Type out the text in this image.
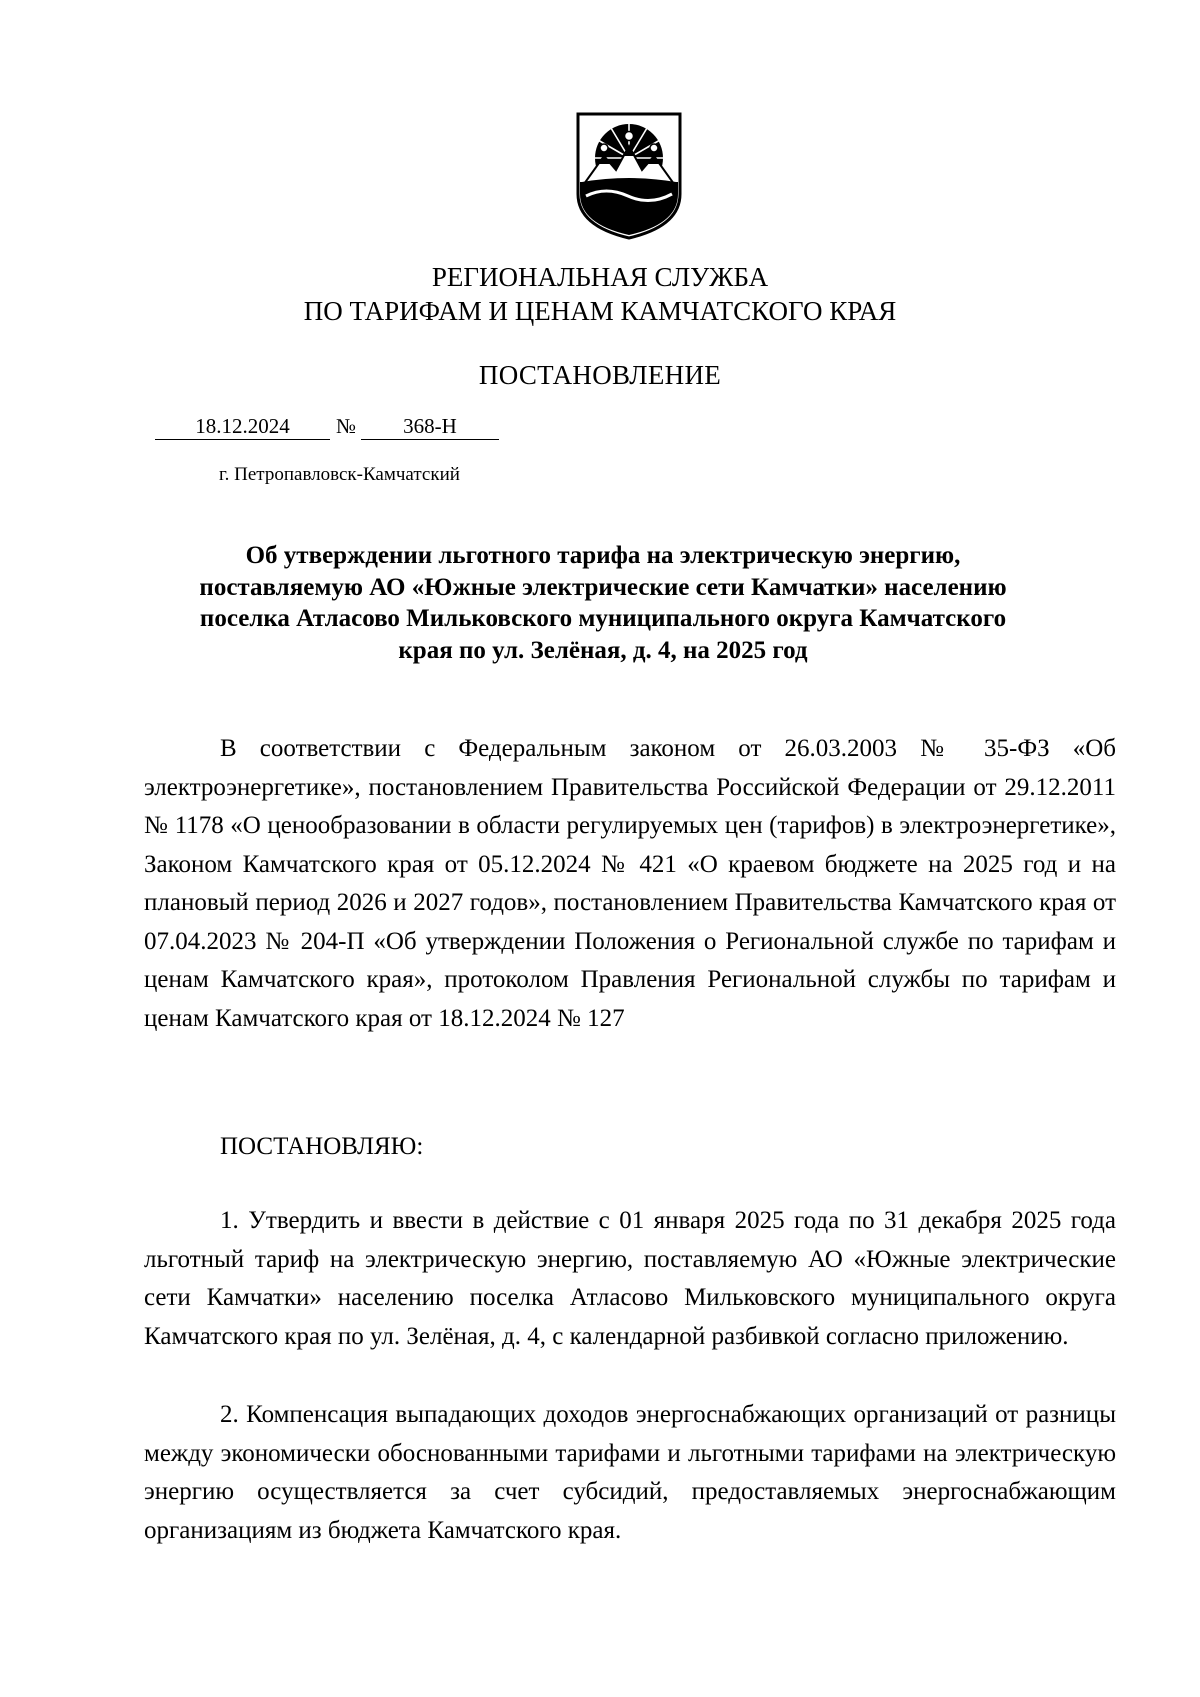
РЕГИОНАЛЬНАЯ СЛУЖБА
ПО ТАРИФАМ И ЦЕНАМ КАМЧАТСКОГО КРАЯ
ПОСТАНОВЛЕНИЕ
18.12.2024	№	368-Н
г. Петропавловск-Камчатский
Об утверждении льготного тарифа на электрическую энергию, поставляемую АО «Южные электрические сети Камчатки» населению поселка Атласово Мильковского муниципального округа Камчатского края по ул. Зелёная, д. 4, на 2025 год
В соответствии с Федеральным законом от 26.03.2003 № 35-ФЗ «Об электроэнергетике», постановлением Правительства Российской Федерации от 29.12.2011 № 1178 «О ценообразовании в области регулируемых цен (тарифов) в электроэнергетике», Законом Камчатского края от 05.12.2024 № 421 «О краевом бюджете на 2025 год и на плановый период 2026 и 2027 годов», постановлением Правительства Камчатского края от 07.04.2023 № 204-П «Об утверждении Положения о Региональной службе по тарифам и ценам Камчатского края», протоколом Правления Региональной службы по тарифам и ценам Камчатского края от 18.12.2024 № 127
ПОСТАНОВЛЯЮ:
1. Утвердить и ввести в действие с 01 января 2025 года по 31 декабря 2025 года льготный тариф на электрическую энергию, поставляемую АО «Южные электрические сети Камчатки» населению поселка Атласово Мильковского муниципального округа Камчатского края по ул. Зелёная, д. 4, с календарной разбивкой согласно приложению.
2. Компенсация выпадающих доходов энергоснабжающих организаций от разницы между экономически обоснованными тарифами и льготными тарифами на электрическую энергию осуществляется за счет субсидий, предоставляемых энергоснабжающим организациям из бюджета Камчатского края.
